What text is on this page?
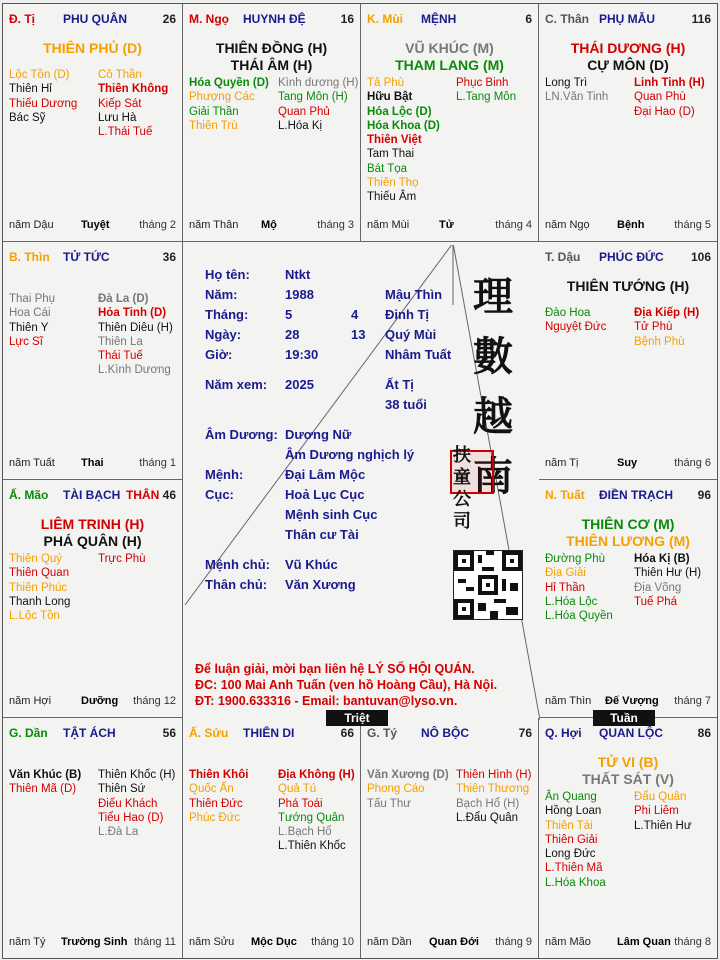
Đ. Tị PHU QUÂN	26
THIÊN PHỦ (D)
Lộc Tồn (D)
Thiên Hỉ
Thiếu Dương
Bác Sỹ
Cô Thần
Thiên Không
Kiếp Sát
Lưu Hà
L.Thái Tuế
năm Dậu Tuyệt	tháng 2
M. Ngọ HUYNH ĐỆ	16
THIÊN ĐỒNG (H)
THÁI ÂM (H)
Hóa Quyền (D)
Phượng Các
Giải Thần
Thiên Trù
Kình dương (H)
Tang Môn (H)
Quan Phủ
L.Hóa Kị
năm Thân Mộ	tháng 3
K. Mùi MỆNH	6
VŨ KHÚC (M)
THAM LANG (M)
Tả Phù
Hữu Bật
Hóa Lộc (D)
Hóa Khoa (D)
Thiên Việt
Tam Thai
Bát Tọa
Thiên Thọ
Thiếu Âm
Phục Binh
L.Tang Môn
năm Mùi	Tử	tháng 4
C. Thân PHỤ MẪU	116
THÁI DƯƠNG (H)
CỰ MÔN (D)
Long Trì
LN.Văn Tinh
Linh Tinh (H)
Quan Phù
Đại Hao (D)
năm Ngọ Bệnh	tháng 5
B. Thìn TỬ TỨC	36
Thai Phụ
Hoa Cái
Thiên Y
Lực Sĩ
Đà La (D)
Hỏa Tinh (D)
Thiên Diêu (H)
Thiên La
Thái Tuế
L.Kình Dương
năm Tuất Thai	tháng 1
T. Dậu PHÚC ĐỨC 106
THIÊN TƯỚNG (H)
Đào Hoa
Nguyệt Đức
Địa Kiếp (H)
Tử Phù
Bệnh Phù
năm Tị	Suy	tháng 6
Ấ. Mão TÀI BẠCH THÂN 46
LIÊM TRINH (H)
PHÁ QUÂN (H)
Thiên Quý
Thiên Quan
Thiên Phúc
Thanh Long
L.Lộc Tồn
Trực Phù
năm Hợi	Dưỡng tháng 12
N. Tuất ĐIỀN TRẠCH 96
THIÊN CƠ (M)
THIÊN LƯƠNG (M)
Đường Phù
Địa Giải
Hỉ Thần
L.Hóa Lộc
L.Hóa Quyền
Hóa Kị (B)
Thiên Hư (H)
Địa Võng
Tuế Phá
năm Thìn Đế Vượng tháng 7
G. Dần TẬT ÁCH	56
Văn Khúc (B)
Thiên Mã (D)
Thiên Khốc (H)
Thiên Sứ
Điếu Khách
Tiểu Hao (D)
L.Đà La
năm Tý Trường Sinh tháng 11
Ấ. Sửu THIÊN DI	66
Thiên Khôi
Quốc Ấn
Thiên Đức
Phúc Đức
Địa Không (H)
Quả Tú
Phá Toái
Tướng Quân
L.Bạch Hổ
L.Thiên Khốc
năm Sửu Mộc Dục tháng 10
G. Tý NÔ BỘC	76
Văn Xương (D)
Phong Cáo
Tấu Thư
Thiên Hình (H)
Thiên Thương
Bạch Hổ (H)
L.Đẩu Quân
năm Dần Quan Đới tháng 9
Q. Hợi QUAN LỘC	86
TỬ VI (B)
THẤT SÁT (V)
Ân Quang
Hồng Loan
Thiên Tài
Thiên Giải
Long Đức
L.Thiên Mã
L.Hóa Khoa
Đẩu Quân
Phi Liêm
L.Thiên Hư
năm Mão Lâm Quan tháng 8
Họ tên:	Ntkt
Năm:	1988	Mậu Thìn
Tháng:	5	4 Đinh Tị
Ngày:	28	13 Quý Mùi
Giờ:	19:30	Nhâm Tuất
Năm xem: 2025	Ất Tị
38 tuổi
Âm Dương: Dương Nữ
Âm Dương nghịch lý
Mệnh:	Đại Lâm Mộc
Cục:	Hoả Lục Cục
Mệnh sinh Cục
Thân cư Tài
Mệnh chủ: Vũ Khúc
Thân chủ: Văn Xương
理
數
越
南
扶
童
公
司
Để luận giải, mời bạn liên hệ LÝ SỐ HỘI QUÁN.
ĐC: 100 Mai Anh Tuấn (ven hồ Hoàng Cầu), Hà Nội.
ĐT: 1900.633316 - Email: bantuvan@lyso.vn.
Triệt	Tuần
